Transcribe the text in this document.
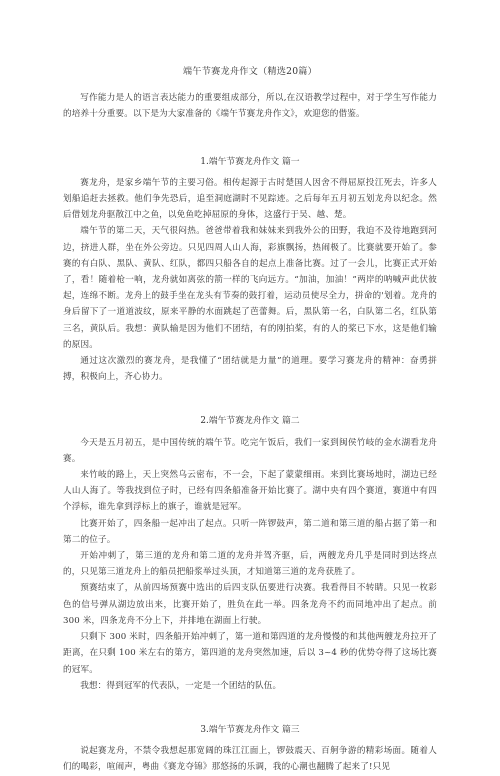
端午节赛龙舟作文（精选20篇）

写作能力是人的语言表达能力的重要组成部分，所以,在汉语教学过程中，对于学生写作能力的培养十分重要。以下是为大家准备的《端午节赛龙舟作文》，欢迎您的借鉴。

1.端午节赛龙舟作文 篇一

赛龙舟，是家乡端午节的主要习俗。相传起源于古时楚国人因舍不得屈原投江死去，许多人划船追赶去拯救。他们争先恐后，追至洞庭湖时不见踪迹。之后每年五月初五划龙舟以纪念。然后借划龙舟驱散江中之鱼，以免鱼吃掉屈原的身体，这盛行于吴、越、楚。

端午节的第二天，天气很闷热。爸爸带着我和妹妹来到我外公的田野，我迫不及待地跑到河边，挤进人群，坐在外公旁边。只见四周人山人海，彩旗飘扬，热闹极了。比赛就要开始了。参赛的有白队、黑队、黄队、红队，都四只船各自的起点上准备比赛。过了一会儿，比赛正式开始了，看！随着枪一响，龙舟就如离弦的箭一样的飞向远方。“加油，加油！”两岸的呐喊声此伏彼起，连绵不断。龙舟上的鼓手坐在龙头有节奏的鼓打着，运动员使尽全力，拼命的'划着。龙舟的身后留下了一道道波纹，原来平静的水面跳起了芭蕾舞。后，黑队第一名，白队第二名，红队第三名，黄队后。我想：黄队输是因为他们不团结，有的刚拍桨，有的人的桨已下水，这是他们输的原因。

通过这次激烈的赛龙舟，是我懂了“团结就是力量”的道理。要学习赛龙舟的精神：奋勇拼搏，积极向上，齐心协力。

2.端午节赛龙舟作文 篇二

今天是五月初五，是中国传统的端午节。吃完午饭后，我们一家到闽侯竹岐的金水湖看龙舟赛。

来竹岐的路上，天上突然乌云密布，不一会，下起了蒙蒙细雨。来到比赛场地时，湖边已经人山人海了。等我找到位子时，已经有四条船准备开始比赛了。湖中央有四个赛道，赛道中有四个浮标，谁先拿到浮标上的旗子，谁就是冠军。

比赛开始了，四条船一起冲出了起点。只听一阵锣鼓声，第二道和第三道的船占据了第一和第二的位子。

开始冲刺了，第三道的龙舟和第二道的龙舟并驾齐驱，后，两艘龙舟几乎是同时到达终点的，只见第三道龙舟上的船员把船浆举过头顶，才知道第三道的龙舟获胜了。

预赛结束了，从前四场预赛中选出的后四支队伍要进行决赛。我看得目不转睛。只见一枚彩色的信号弹从湖边放出来，比赛开始了，胜负在此一举。四条龙舟不约而同地冲出了起点。前 300 米，四条龙舟不分上下，并排地在湖面上行驶。

只剩下 300 米时，四条船开始冲刺了，第一道和第四道的龙舟慢慢的和其他两艘龙舟拉开了距离，在只剩 100 米左右的第方，第四道的龙舟突然加速，后以 3~4 秒的优势夺得了这场比赛的冠军。

我想：得到冠军的代表队，一定是一个团结的队伍。

3.端午节赛龙舟作文 篇三

说起赛龙舟，不禁令我想起那宽阔的珠江江面上，锣鼓震天、百舸争游的精彩场面。随着人们的喝彩，喧闹声，粤曲《赛龙夺锦》那悠扬的乐调，我的心潮也翻腾了起来了!只见
